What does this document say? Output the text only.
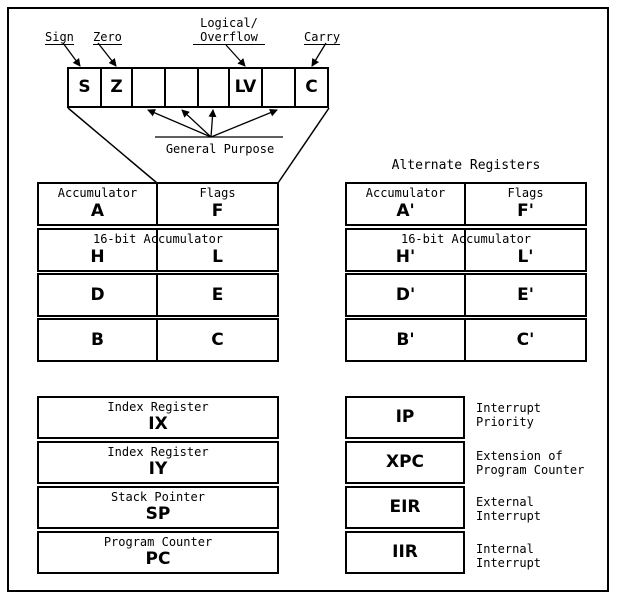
Sign Zero
Logical/
Overflow	Carry
General Purpose
S	Z	LV	C
Accumulator
A
Flags
F
H	L
16-bit Accumulator
D	E
B	C
Alternate Registers
Accumulator
A'
Flags
F'
H'	L'
16-bit Accumulator
D'	E'
B'	C'
Index Register
IX
Index Register
IY
Stack Pointer
SP
Program Counter
PC
IP	Interrupt
Priority
XPC	Extension of
Program Counter
EIR	External
Interrupt
IIR	Internal
Interrupt
